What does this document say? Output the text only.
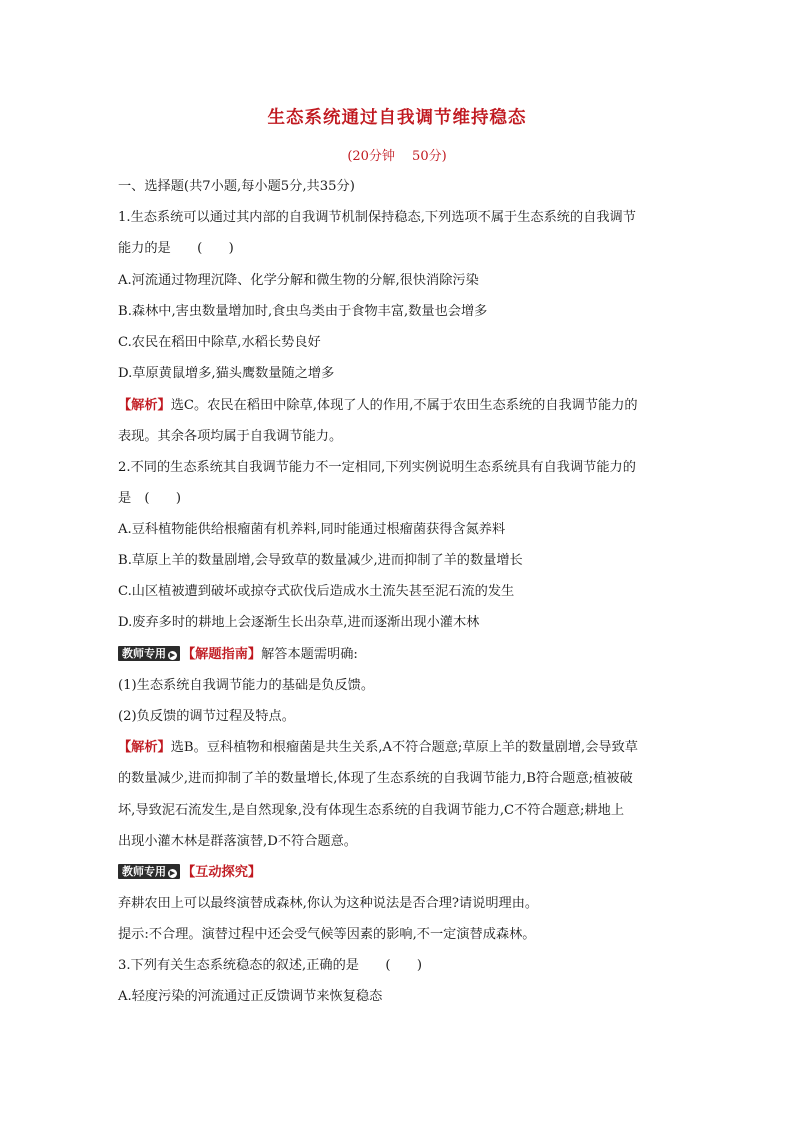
生态系统通过自我调节维持稳态
(20分钟　 50分)
一、选择题(共7小题,每小题5分,共35分)
1.生态系统可以通过其内部的自我调节机制保持稳态,下列选项不属于生态系统的自我调节
能力的是　　(　　)
A.河流通过物理沉降、化学分解和微生物的分解,很快消除污染
B.森林中,害虫数量增加时,食虫鸟类由于食物丰富,数量也会增多
C.农民在稻田中除草,水稻长势良好
D.草原黄鼠增多,猫头鹰数量随之增多
【解析】选C。农民在稻田中除草,体现了人的作用,不属于农田生态系统的自我调节能力的
表现。其余各项均属于自我调节能力。
2.不同的生态系统其自我调节能力不一定相同,下列实例说明生态系统具有自我调节能力的
是　(　　)
A.豆科植物能供给根瘤菌有机养料,同时能通过根瘤菌获得含氮养料
B.草原上羊的数量剧增,会导致草的数量减少,进而抑制了羊的数量增长
C.山区植被遭到破坏或掠夺式砍伐后造成水土流失甚至泥石流的发生
D.废弃多时的耕地上会逐渐生长出杂草,进而逐渐出现小灌木林
教师专用 ▶ 【解题指南】解答本题需明确:
(1)生态系统自我调节能力的基础是负反馈。
(2)负反馈的调节过程及特点。
【解析】选B。豆科植物和根瘤菌是共生关系,A不符合题意;草原上羊的数量剧增,会导致草
的数量减少,进而抑制了羊的数量增长,体现了生态系统的自我调节能力,B符合题意;植被破
坏,导致泥石流发生,是自然现象,没有体现生态系统的自我调节能力,C不符合题意;耕地上
出现小灌木林是群落演替,D不符合题意。
教师专用 ▶ 【互动探究】
弃耕农田上可以最终演替成森林,你认为这种说法是否合理?请说明理由。
提示:不合理。演替过程中还会受气候等因素的影响,不一定演替成森林。
3.下列有关生态系统稳态的叙述,正确的是　　(　　)
A.轻度污染的河流通过正反馈调节来恢复稳态
